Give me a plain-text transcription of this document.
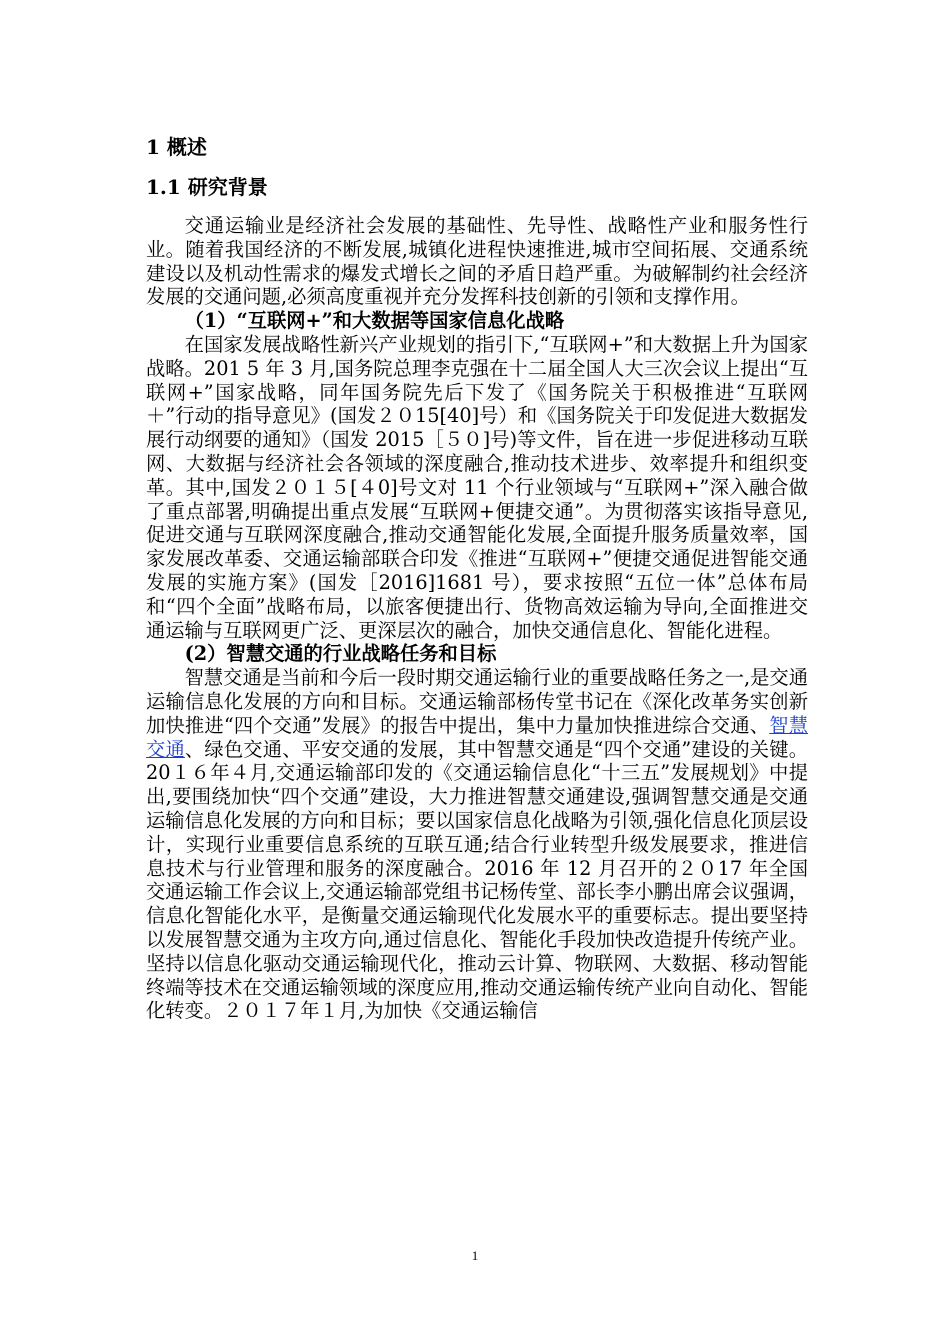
1 概述
1.1 研究背景

交通运输业是经济社会发展的基础性、先导性、战略性产业和服务性行业。随着我国经济的不断发展,城镇化进程快速推进,城市空间拓展、交通系统建设以及机动性需求的爆发式增长之间的矛盾日趋严重。为破解制约社会经济发展的交通问题,必须高度重视并充分发挥科技创新的引领和支撑作用。

（1）“互联网+”和大数据等国家信息化战略

在国家发展战略性新兴产业规划的指引下,“互联网+”和大数据上升为国家战略。201 5 年 3 月,国务院总理李克强在十二届全国人大三次会议上提出“互联网+”国家战略，同年国务院先后下发了《国务院关于积极推进“互联网＋”行动的指导意见》(国发２０15[40]号）和《国务院关于印发促进大数据发展行动纲要的通知》（国发 2015［５０]号)等文件，旨在进一步促进移动互联网、大数据与经济社会各领域的深度融合,推动技术进步、效率提升和组织变革。其中,国发２０１５[４0]号文对 11 个行业领域与“互联网+”深入融合做了重点部署,明确提出重点发展“互联网+便捷交通”。为贯彻落实该指导意见,促进交通与互联网深度融合,推动交通智能化发展,全面提升服务质量效率，国家发展改革委、交通运输部联合印发《推进“互联网+”便捷交通促进智能交通发展的实施方案》(国发［2016]1681 号），要求按照“五位一体”总体布局和“四个全面”战略布局，以旅客便捷出行、货物高效运输为导向,全面推进交通运输与互联网更广泛、更深层次的融合，加快交通信息化、智能化进程。

(2）智慧交通的行业战略任务和目标

智慧交通是当前和今后一段时期交通运输行业的重要战略任务之一,是交通运输信息化发展的方向和目标。交通运输部杨传堂书记在《深化改革务实创新加快推进“四个交通”发展》的报告中提出，集中力量加快推进综合交通、智慧交通、绿色交通、平安交通的发展，其中智慧交通是“四个交通”建设的关键。20１６年４月,交通运输部印发的《交通运输信息化“十三五”发展规划》中提出,要围绕加快“四个交通”建设，大力推进智慧交通建设,强调智慧交通是交通运输信息化发展的方向和目标；要以国家信息化战略为引领,强化信息化顶层设计，实现行业重要信息系统的互联互通;结合行业转型升级发展要求，推进信息技术与行业管理和服务的深度融合。2016 年 12 月召开的２０17 年全国交通运输工作会议上,交通运输部党组书记杨传堂、部长李小鹏出席会议强调，信息化智能化水平，是衡量交通运输现代化发展水平的重要标志。提出要坚持以发展智慧交通为主攻方向,通过信息化、智能化手段加快改造提升传统产业。坚持以信息化驱动交通运输现代化，推动云计算、物联网、大数据、移动智能终端等技术在交通运输领域的深度应用,推动交通运输传统产业向自动化、智能化转变。２０１７年１月,为加快《交通运输信

1
